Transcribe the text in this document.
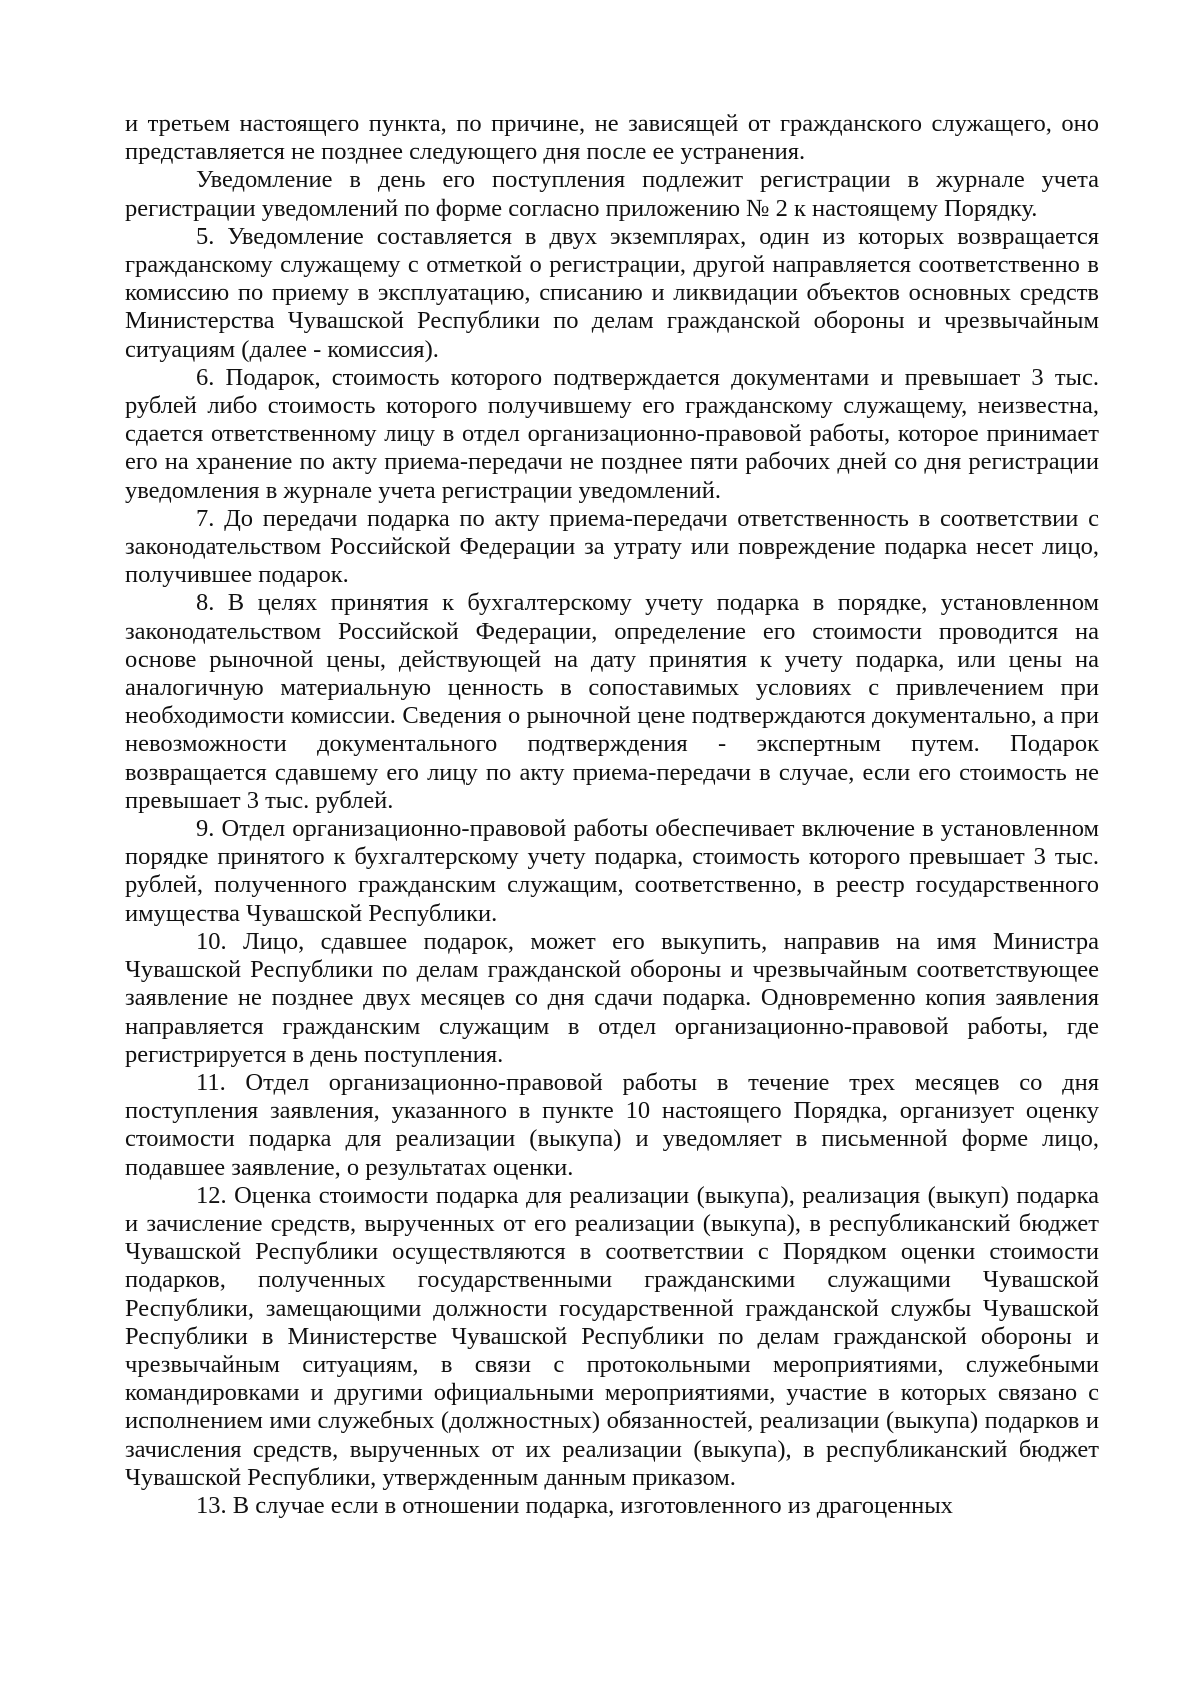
и третьем настоящего пункта, по причине, не зависящей от гражданского служащего, оно представляется не позднее следующего дня после ее устранения.

Уведомление в день его поступления подлежит регистрации в журнале учета регистрации уведомлений по форме согласно приложению № 2 к настоящему Порядку.

5. Уведомление составляется в двух экземплярах, один из которых возвращается гражданскому служащему с отметкой о регистрации, другой направляется соответственно в комиссию по приему в эксплуатацию, списанию и ликвидации объектов основных средств Министерства Чувашской Республики по делам гражданской обороны и чрезвычайным ситуациям (далее - комиссия).

6. Подарок, стоимость которого подтверждается документами и превышает 3 тыс. рублей либо стоимость которого получившему его гражданскому служащему, неизвестна, сдается ответственному лицу в отдел организационно-правовой работы, которое принимает его на хранение по акту приема-передачи не позднее пяти рабочих дней со дня регистрации уведомления в журнале учета регистрации уведомлений.

7. До передачи подарка по акту приема-передачи ответственность в соответствии с законодательством Российской Федерации за утрату или повреждение подарка несет лицо, получившее подарок.

8. В целях принятия к бухгалтерскому учету подарка в порядке, установленном законодательством Российской Федерации, определение его стоимости проводится на основе рыночной цены, действующей на дату принятия к учету подарка, или цены на аналогичную материальную ценность в сопоставимых условиях с привлечением при необходимости комиссии. Сведения о рыночной цене подтверждаются документально, а при невозможности документального подтверждения - экспертным путем. Подарок возвращается сдавшему его лицу по акту приема-передачи в случае, если его стоимость не превышает 3 тыс. рублей.

9. Отдел организационно-правовой работы обеспечивает включение в установленном порядке принятого к бухгалтерскому учету подарка, стоимость которого превышает 3 тыс. рублей, полученного гражданским служащим, соответственно, в реестр государственного имущества Чувашской Республики.

10. Лицо, сдавшее подарок, может его выкупить, направив на имя Министра Чувашской Республики по делам гражданской обороны и чрезвычайным соответствующее заявление не позднее двух месяцев со дня сдачи подарка. Одновременно копия заявления направляется гражданским служащим в отдел организационно-правовой работы, где регистрируется в день поступления.

11. Отдел организационно-правовой работы в течение трех месяцев со дня поступления заявления, указанного в пункте 10 настоящего Порядка, организует оценку стоимости подарка для реализации (выкупа) и уведомляет в письменной форме лицо, подавшее заявление, о результатах оценки.

12. Оценка стоимости подарка для реализации (выкупа), реализация (выкуп) подарка и зачисление средств, вырученных от его реализации (выкупа), в республиканский бюджет Чувашской Республики осуществляются в соответствии с Порядком оценки стоимости подарков, полученных государственными гражданскими служащими Чувашской Республики, замещающими должности государственной гражданской службы Чувашской Республики в Министерстве Чувашской Республики по делам гражданской обороны и чрезвычайным ситуациям, в связи с протокольными мероприятиями, служебными командировками и другими официальными мероприятиями, участие в которых связано с исполнением ими служебных (должностных) обязанностей, реализации (выкупа) подарков и зачисления средств, вырученных от их реализации (выкупа), в республиканский бюджет Чувашской Республики, утвержденным данным приказом.

13. В случае если в отношении подарка, изготовленного из драгоценных
